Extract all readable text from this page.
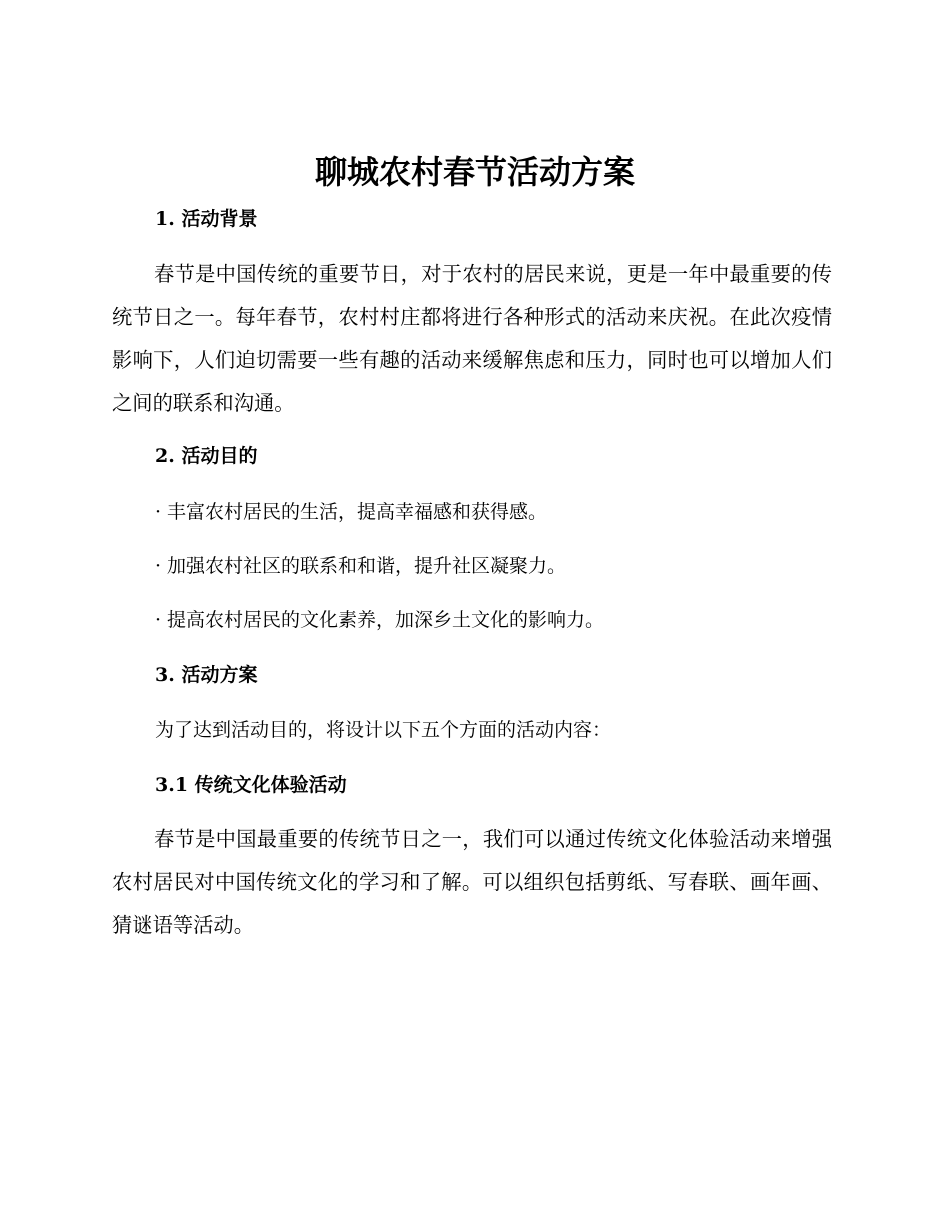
聊城农村春节活动方案
1. 活动背景

春节是中国传统的重要节日，对于农村的居民来说，更是一年中最重要的传统节日之一。每年春节，农村村庄都将进行各种形式的活动来庆祝。在此次疫情影响下，人们迫切需要一些有趣的活动来缓解焦虑和压力，同时也可以增加人们之间的联系和沟通。

2. 活动目的
· 丰富农村居民的生活，提高幸福感和获得感。
· 加强农村社区的联系和和谐，提升社区凝聚力。
· 提高农村居民的文化素养，加深乡土文化的影响力。
3. 活动方案

为了达到活动目的，将设计以下五个方面的活动内容：

3.1 传统文化体验活动

春节是中国最重要的传统节日之一，我们可以通过传统文化体验活动来增强农村居民对中国传统文化的学习和了解。可以组织包括剪纸、写春联、画年画、猜谜语等活动。
